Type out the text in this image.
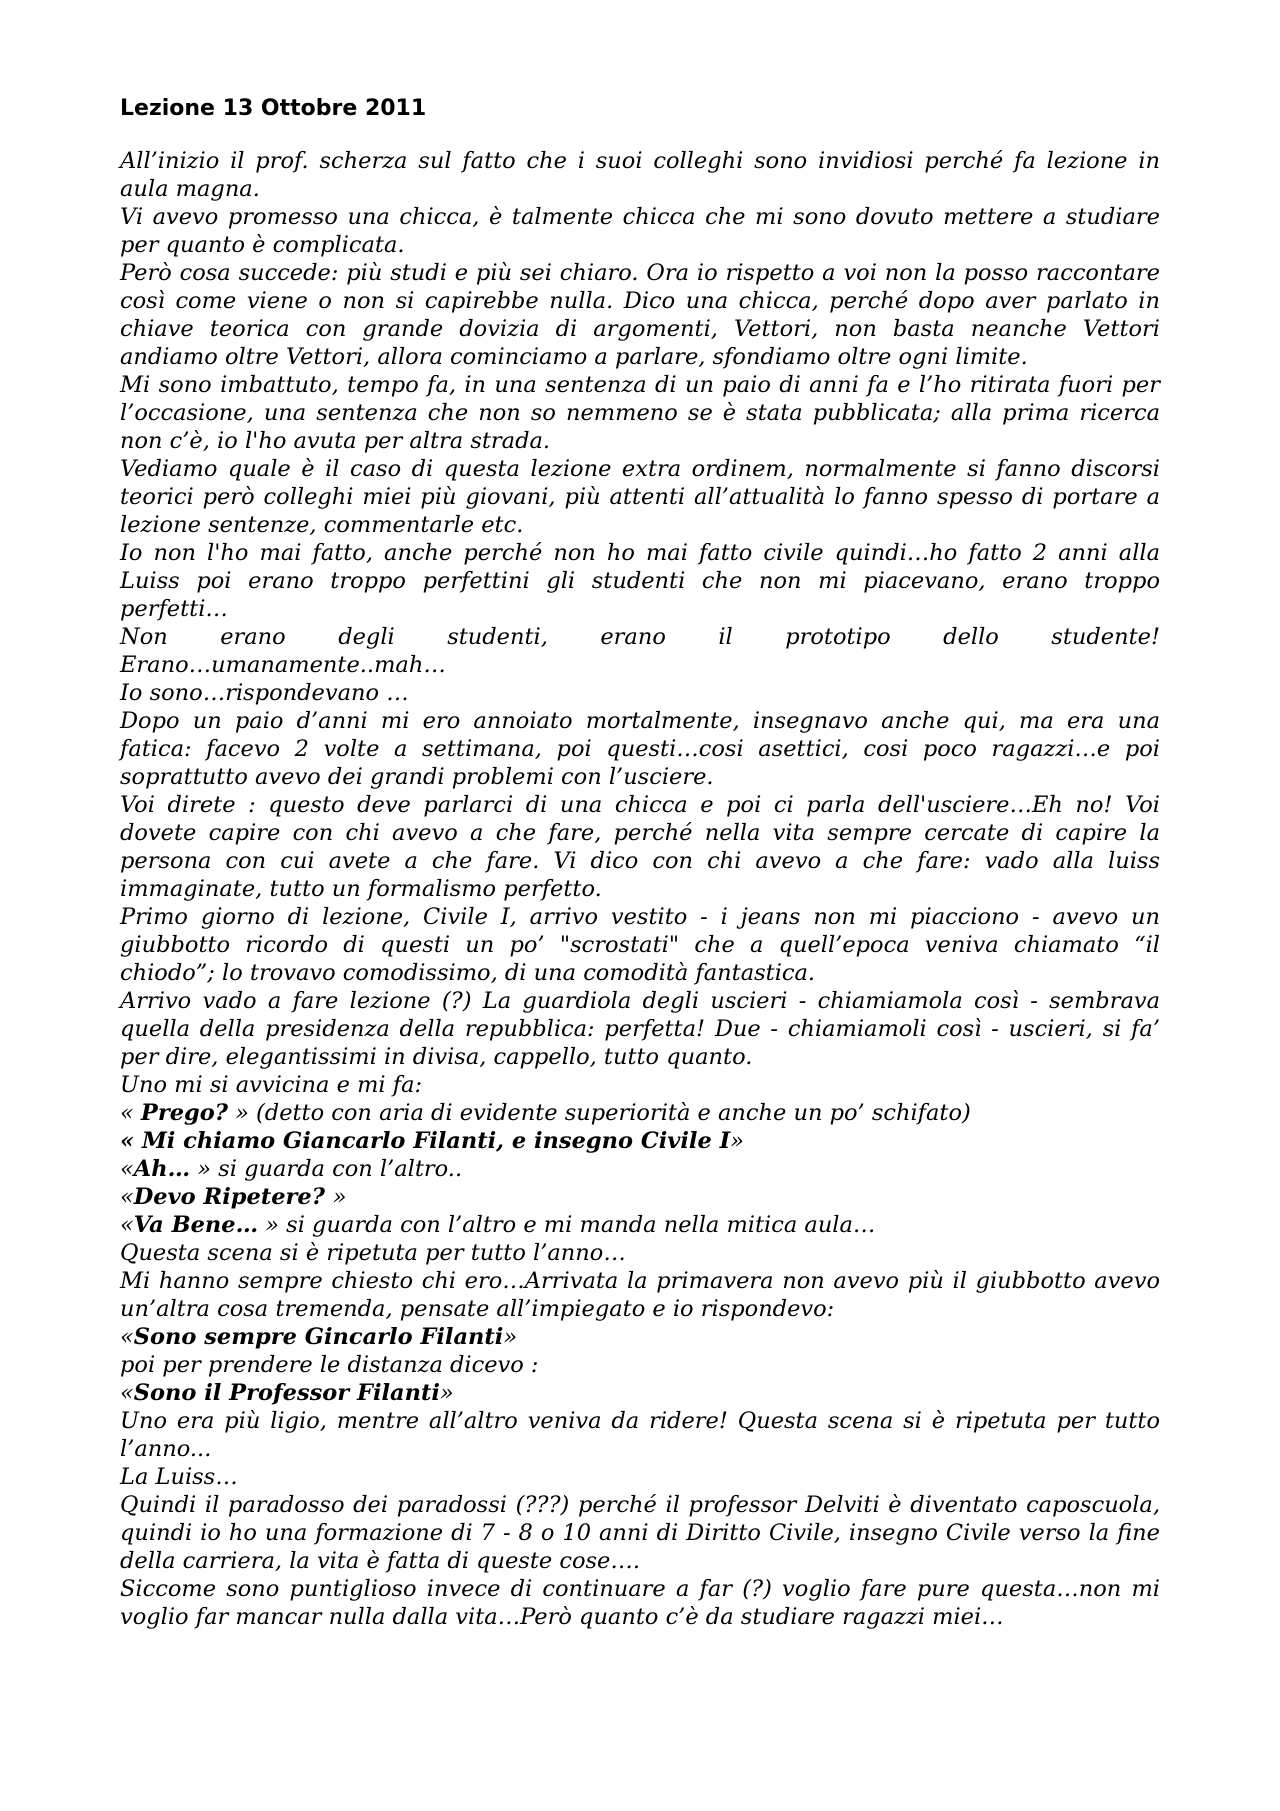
Lezione 13 Ottobre 2011

All’inizio il prof. scherza sul fatto che i suoi colleghi sono invidiosi perché fa lezione in aula magna.

Vi avevo promesso una chicca, è talmente chicca che mi sono dovuto mettere a studiare per quanto è complicata.

Però cosa succede: più studi e più sei chiaro. Ora io rispetto a voi non la posso raccontare così come viene o non si capirebbe nulla. Dico una chicca, perché dopo aver parlato in chiave teorica con grande dovizia di argomenti, Vettori, non basta neanche Vettori andiamo oltre Vettori, allora cominciamo a parlare, sfondiamo oltre ogni limite.

Mi sono imbattuto, tempo fa, in una sentenza di un paio di anni fa e l’ho ritirata fuori per l’occasione, una sentenza che non so nemmeno se è stata pubblicata; alla prima ricerca non c’è, io l'ho avuta per altra strada.

Vediamo quale è il caso di questa lezione extra ordinem, normalmente si fanno discorsi teorici però colleghi miei più giovani, più attenti all’attualità lo fanno spesso di portare a lezione sentenze, commentarle etc.

Io non l'ho mai fatto, anche perché non ho mai fatto civile quindi…ho fatto 2 anni alla Luiss poi erano troppo perfettini gli studenti che non mi piacevano, erano troppo perfetti…

Non erano degli studenti, erano il prototipo dello studente!

Erano…umanamente..mah…

Io sono…rispondevano …

Dopo un paio d’anni mi ero annoiato mortalmente, insegnavo anche qui, ma era una fatica: facevo 2 volte a settimana, poi questi…cosi asettici, cosi poco ragazzi…e poi soprattutto avevo dei grandi problemi con l’usciere.

Voi direte : questo deve parlarci di una chicca e poi ci parla dell'usciere…Eh no! Voi dovete capire con chi avevo a che fare, perché nella vita sempre cercate di capire la persona con cui avete a che fare. Vi dico con chi avevo a che fare: vado alla luiss immaginate, tutto un formalismo perfetto.

Primo giorno di lezione, Civile I, arrivo vestito - i jeans non mi piacciono - avevo un giubbotto ricordo di questi un po’ "scrostati" che a quell’epoca veniva chiamato “il chiodo”; lo trovavo comodissimo, di una comodità fantastica.

Arrivo vado a fare lezione (?) La guardiola degli uscieri - chiamiamola così - sembrava quella della presidenza della repubblica: perfetta! Due - chiamiamoli così - uscieri, si fa’ per dire, elegantissimi in divisa, cappello, tutto quanto.

Uno mi si avvicina e mi fa:

« Prego? » (detto con aria di evidente superiorità e anche un po’ schifato)

« Mi chiamo Giancarlo Filanti, e insegno Civile I»

«Ah… » si guarda con l’altro..

«Devo Ripetere? »

«Va Bene… » si guarda con l’altro e mi manda nella mitica aula…

Questa scena si è ripetuta per tutto l’anno…

Mi hanno sempre chiesto chi ero…Arrivata la primavera non avevo più il giubbotto avevo un’altra cosa tremenda, pensate all’impiegato e io rispondevo:

«Sono sempre Gincarlo Filanti»

poi per prendere le distanza dicevo :

«Sono il Professor Filanti»

Uno era più ligio, mentre all’altro veniva da ridere! Questa scena si è ripetuta per tutto l’anno...

La Luiss…

Quindi il paradosso dei paradossi (???) perché il professor Delviti è diventato caposcuola, quindi io ho una formazione di 7 - 8 o 10 anni di Diritto Civile, insegno Civile verso la fine della carriera, la vita è fatta di queste cose….

Siccome sono puntiglioso invece di continuare a far (?) voglio fare pure questa…non mi voglio far mancar nulla dalla vita…Però quanto c’è da studiare ragazzi miei…
